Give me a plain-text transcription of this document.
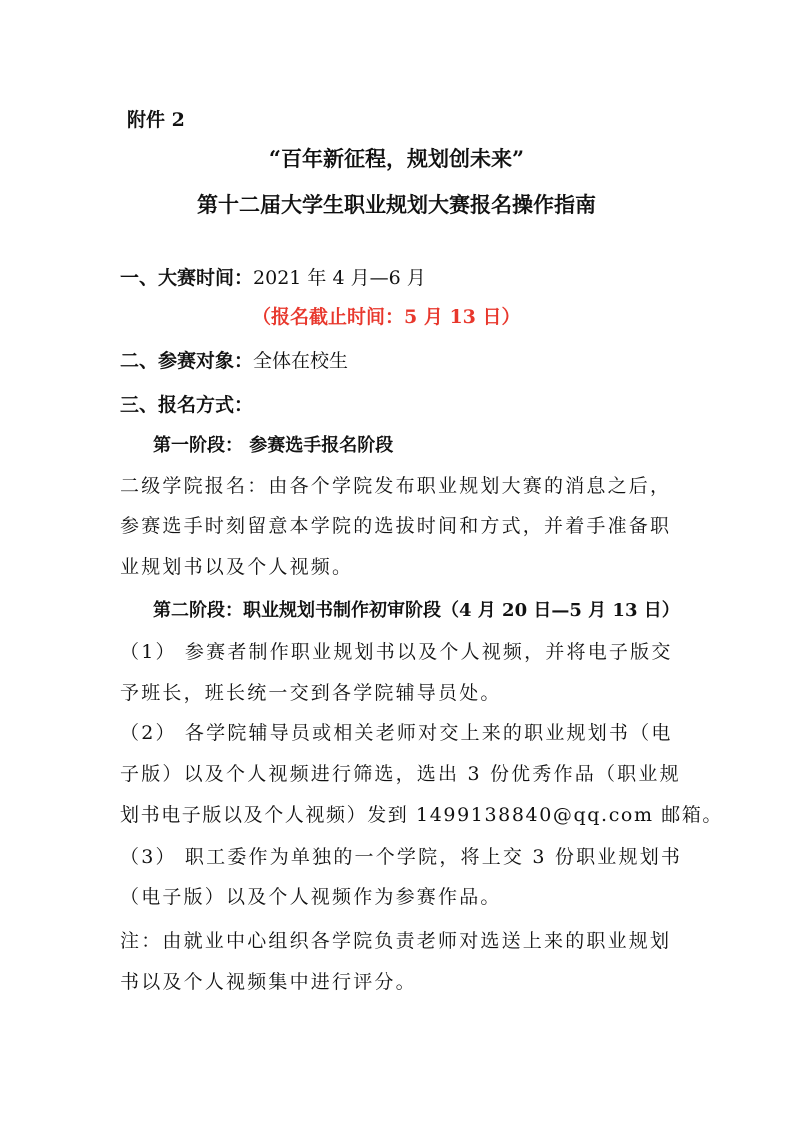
附件 2
“百年新征程，规划创未来”
第十二届大学生职业规划大赛报名操作指南
一、大赛时间：2021 年 4 月—6 月
（报名截止时间：5 月 13 日）
二、参赛对象：全体在校生
三、报名方式：
第一阶段： 参赛选手报名阶段
二级学院报名：由各个学院发布职业规划大赛的消息之后，
参赛选手时刻留意本学院的选拔时间和方式，并着手准备职
业规划书以及个人视频。
第二阶段：职业规划书制作初审阶段（4 月 20 日—5 月 13 日）
（1） 参赛者制作职业规划书以及个人视频，并将电子版交
予班长，班长统一交到各学院辅导员处。
（2） 各学院辅导员或相关老师对交上来的职业规划书（电
子版）以及个人视频进行筛选，选出 3 份优秀作品（职业规
划书电子版以及个人视频）发到 1499138840@qq.com 邮箱。
（3） 职工委作为单独的一个学院，将上交 3 份职业规划书
（电子版）以及个人视频作为参赛作品。
注：由就业中心组织各学院负责老师对选送上来的职业规划
书以及个人视频集中进行评分。
